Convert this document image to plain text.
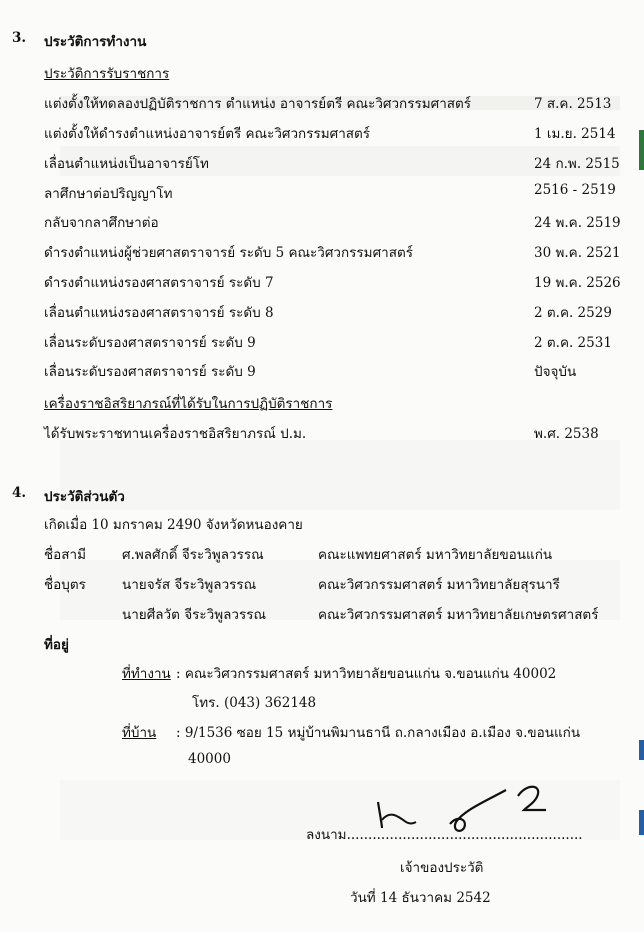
3. ประวัติการทำงาน
ประวัติการรับราชการ
แต่งตั้งให้ทดลองปฏิบัติราชการ ตำแหน่ง อาจารย์ตรี คณะวิศวกรรมศาสตร์	7 ส.ค. 2513
แต่งตั้งให้ดำรงตำแหน่งอาจารย์ตรี คณะวิศวกรรมศาสตร์	1 เม.ย. 2514
เลื่อนตำแหน่งเป็นอาจารย์โท	24 ก.พ. 2515
ลาศึกษาต่อปริญญาโท	2516 - 2519
กลับจากลาศึกษาต่อ	24 พ.ค. 2519
ดำรงตำแหน่งผู้ช่วยศาสตราจารย์ ระดับ 5 คณะวิศวกรรมศาสตร์	30 พ.ค. 2521
ดำรงตำแหน่งรองศาสตราจารย์ ระดับ 7	19 พ.ค. 2526
เลื่อนตำแหน่งรองศาสตราจารย์ ระดับ 8	2 ต.ค. 2529
เลื่อนระดับรองศาสตราจารย์ ระดับ 9	2 ต.ค. 2531
เลื่อนระดับรองศาสตราจารย์ ระดับ 9	ปัจจุบัน
เครื่องราชอิสริยาภรณ์ที่ได้รับในการปฏิบัติราชการ
ได้รับพระราชทานเครื่องราชอิสริยาภรณ์ ป.ม.	พ.ศ. 2538
4. ประวัติส่วนตัว
เกิดเมื่อ 10 มกราคม 2490 จังหวัดหนองคาย
ชื่อสามี	ศ.พลศักดิ์ จีระวิพูลวรรณ	คณะแพทยศาสตร์ มหาวิทยาลัยขอนแก่น
ชื่อบุตร	นายจรัส จีระวิพูลวรรณ	คณะวิศวกรรมศาสตร์ มหาวิทยาลัยสุรนารี
นายศีลวัต จีระวิพูลวรรณ	คณะวิศวกรรมศาสตร์ มหาวิทยาลัยเกษตรศาสตร์
ที่อยู่
ที่ทำงาน : คณะวิศวกรรมศาสตร์ มหาวิทยาลัยขอนแก่น จ.ขอนแก่น 40002
โทร. (043) 362148
ที่บ้าน : 9/1536 ซอย 15 หมู่บ้านพิมานธานี ถ.กลางเมือง อ.เมือง จ.ขอนแก่น
40000
ลงนาม.......................................................
เจ้าของประวัติ
วันที่ 14 ธันวาคม 2542
